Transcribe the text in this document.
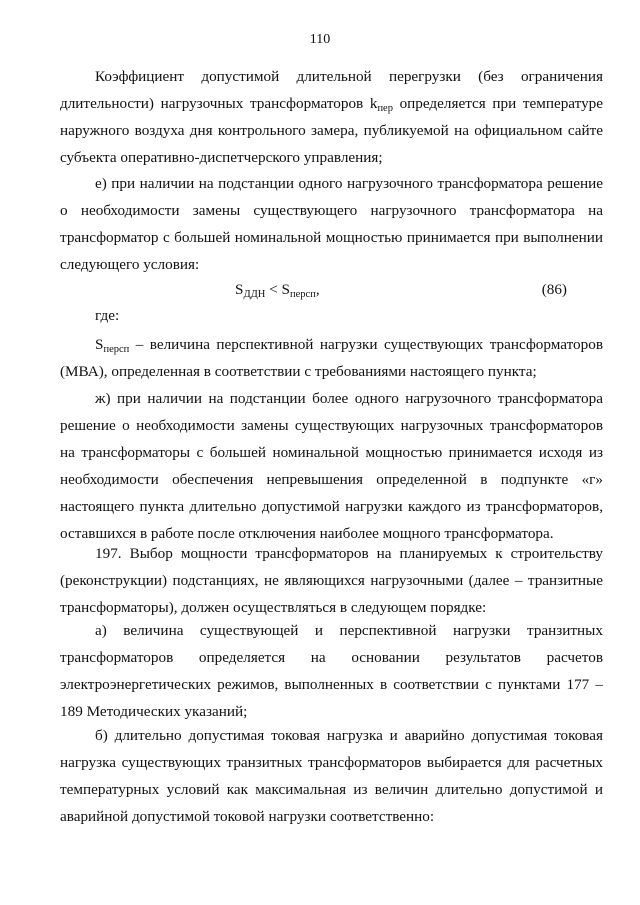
110

Коэффициент допустимой длительной перегрузки (без ограничения длительности) нагрузочных трансформаторов $k_{пер}$ определяется при температуре наружного воздуха дня контрольного замера, публикуемой на официальном сайте субъекта оперативно-диспетчерского управления;

е) при наличии на подстанции одного нагрузочного трансформатора решение о необходимости замены существующего нагрузочного трансформатора на трансформатор с большей номинальной мощностью принимается при выполнении следующего условия:

$S_{ДДН} < S_{персп}$,	(86)
где:

$S_{персп}$ – величина перспективной нагрузки существующих трансформаторов (МВА), определенная в соответствии с требованиями настоящего пункта;

ж) при наличии на подстанции более одного нагрузочного трансформатора решение о необходимости замены существующих нагрузочных трансформаторов на трансформаторы с большей номинальной мощностью принимается исходя из необходимости обеспечения непревышения определенной в подпункте «г» настоящего пункта длительно допустимой нагрузки каждого из трансформаторов, оставшихся в работе после отключения наиболее мощного трансформатора.

197. Выбор мощности трансформаторов на планируемых к строительству (реконструкции) подстанциях, не являющихся нагрузочными (далее – транзитные трансформаторы), должен осуществляться в следующем порядке:

а) величина существующей и перспективной нагрузки транзитных трансформаторов определяется на основании результатов расчетов электроэнергетических режимов, выполненных в соответствии с пунктами 177 – 189 Методических указаний;

б) длительно допустимая токовая нагрузка и аварийно допустимая токовая нагрузка существующих транзитных трансформаторов выбирается для расчетных температурных условий как максимальная из величин длительно допустимой и аварийной допустимой токовой нагрузки соответственно:
